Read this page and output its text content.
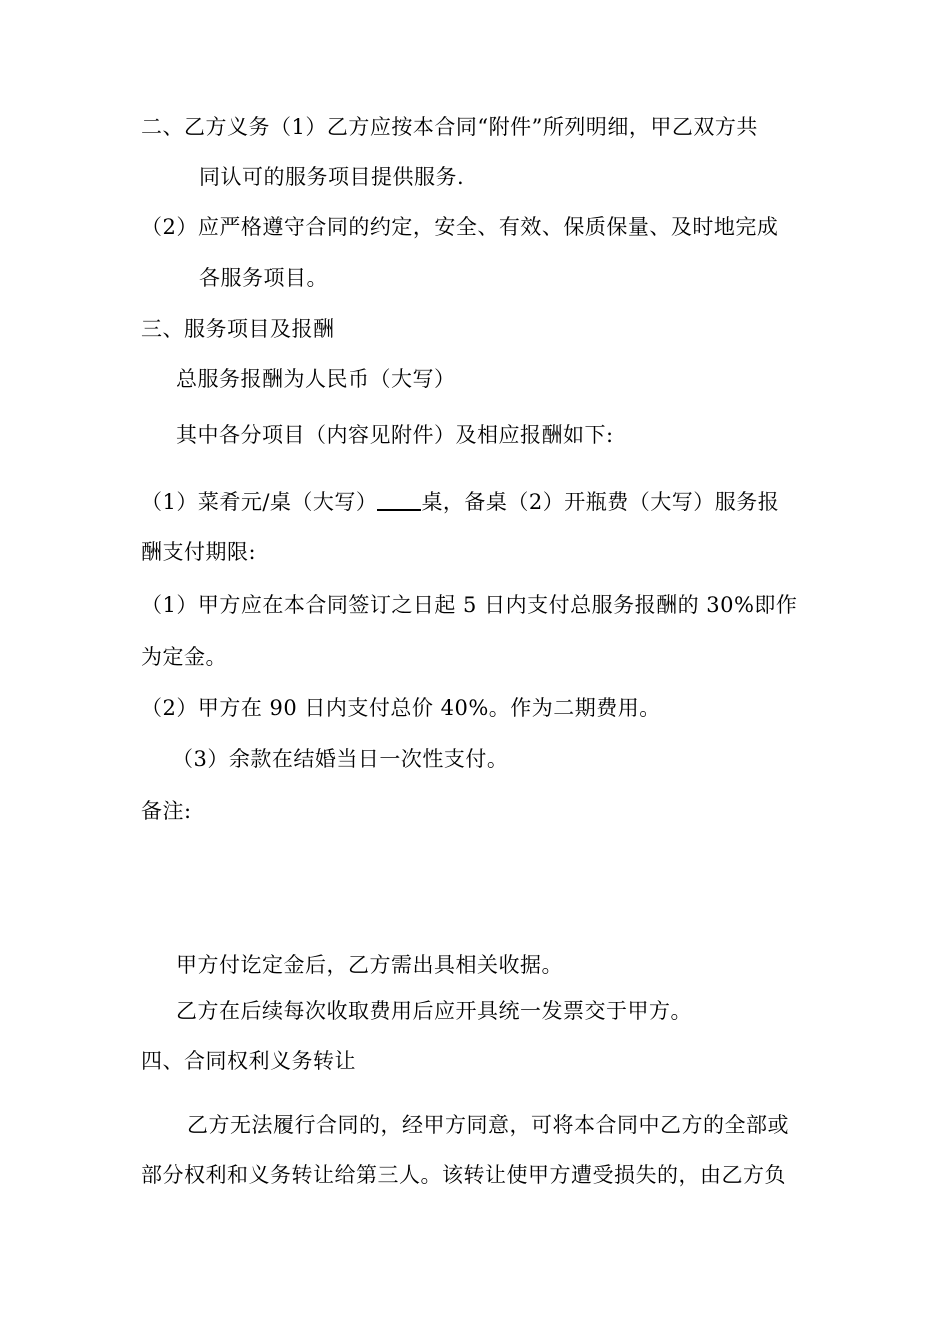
二、乙方义务（1）乙方应按本合同“附件”所列明细，甲乙双方共
同认可的服务项目提供服务.
（2）应严格遵守合同的约定，安全、有效、保质保量、及时地完成
各服务项目。
三、服务项目及报酬
总服务报酬为人民币（大写）
其中各分项目（内容见附件）及相应报酬如下:
（1）菜肴元/桌（大写） 桌，备桌（2）开瓶费（大写）服务报
酬支付期限:
（1）甲方应在本合同签订之日起 5 日内支付总服务报酬的 30%即作
为定金。
（2）甲方在 90 日内支付总价 40%。作为二期费用。
（3）余款在结婚当日一次性支付。
备注:
甲方付讫定金后，乙方需出具相关收据。
乙方在后续每次收取费用后应开具统一发票交于甲方。
四、合同权利义务转让
乙方无法履行合同的，经甲方同意，可将本合同中乙方的全部或
部分权利和义务转让给第三人。该转让使甲方遭受损失的，由乙方负
